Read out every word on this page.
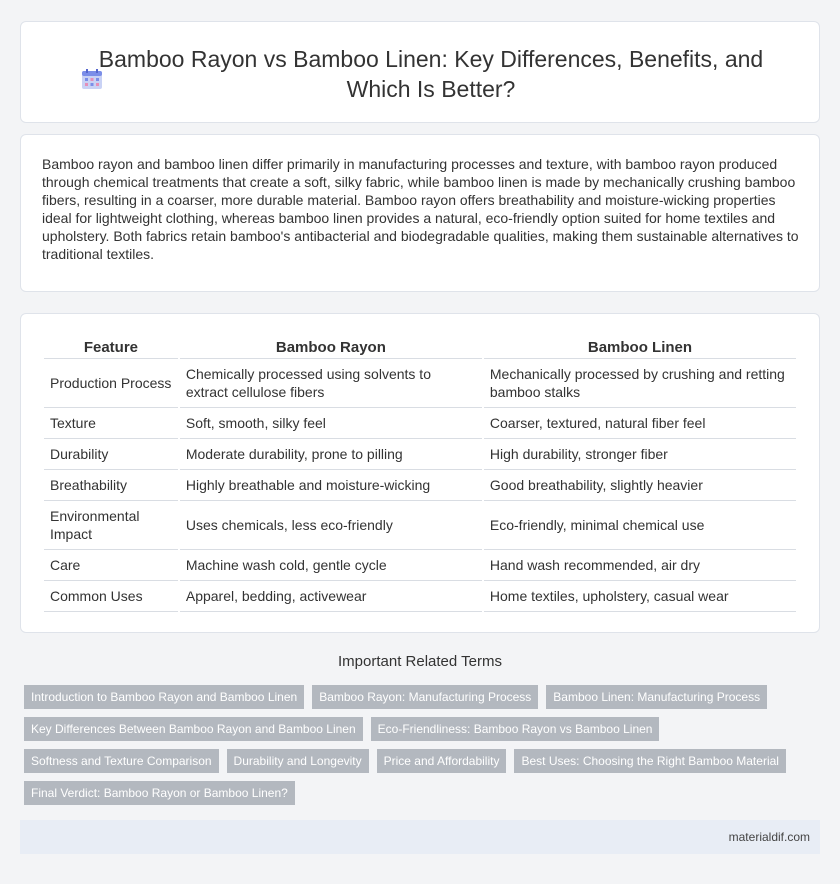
Bamboo Rayon vs Bamboo Linen: Key Differences, Benefits, and Which Is Better?

Bamboo rayon and bamboo linen differ primarily in manufacturing processes and texture, with bamboo rayon produced through chemical treatments that create a soft, silky fabric, while bamboo linen is made by mechanically crushing bamboo fibers, resulting in a coarser, more durable material. Bamboo rayon offers breathability and moisture-wicking properties ideal for lightweight clothing, whereas bamboo linen provides a natural, eco-friendly option suited for home textiles and upholstery. Both fabrics retain bamboo's antibacterial and biodegradable qualities, making them sustainable alternatives to traditional textiles.

Feature	Bamboo Rayon	Bamboo Linen
Production Process	Chemically processed using solvents to extract cellulose fibers	Mechanically processed by crushing and retting bamboo stalks
Texture	Soft, smooth, silky feel	Coarser, textured, natural fiber feel
Durability	Moderate durability, prone to pilling	High durability, stronger fiber
Breathability	Highly breathable and moisture-wicking	Good breathability, slightly heavier
Environmental Impact	Uses chemicals, less eco-friendly	Eco-friendly, minimal chemical use
Care	Machine wash cold, gentle cycle	Hand wash recommended, air dry
Common Uses	Apparel, bedding, activewear	Home textiles, upholstery, casual wear
Important Related Terms
Introduction to Bamboo Rayon and Bamboo Linen	Bamboo Rayon: Manufacturing Process	Bamboo Linen: Manufacturing Process
Key Differences Between Bamboo Rayon and Bamboo Linen	Eco-Friendliness: Bamboo Rayon vs Bamboo Linen
Softness and Texture Comparison	Durability and Longevity	Price and Affordability	Best Uses: Choosing the Right Bamboo Material
Final Verdict: Bamboo Rayon or Bamboo Linen?
materialdif.com
